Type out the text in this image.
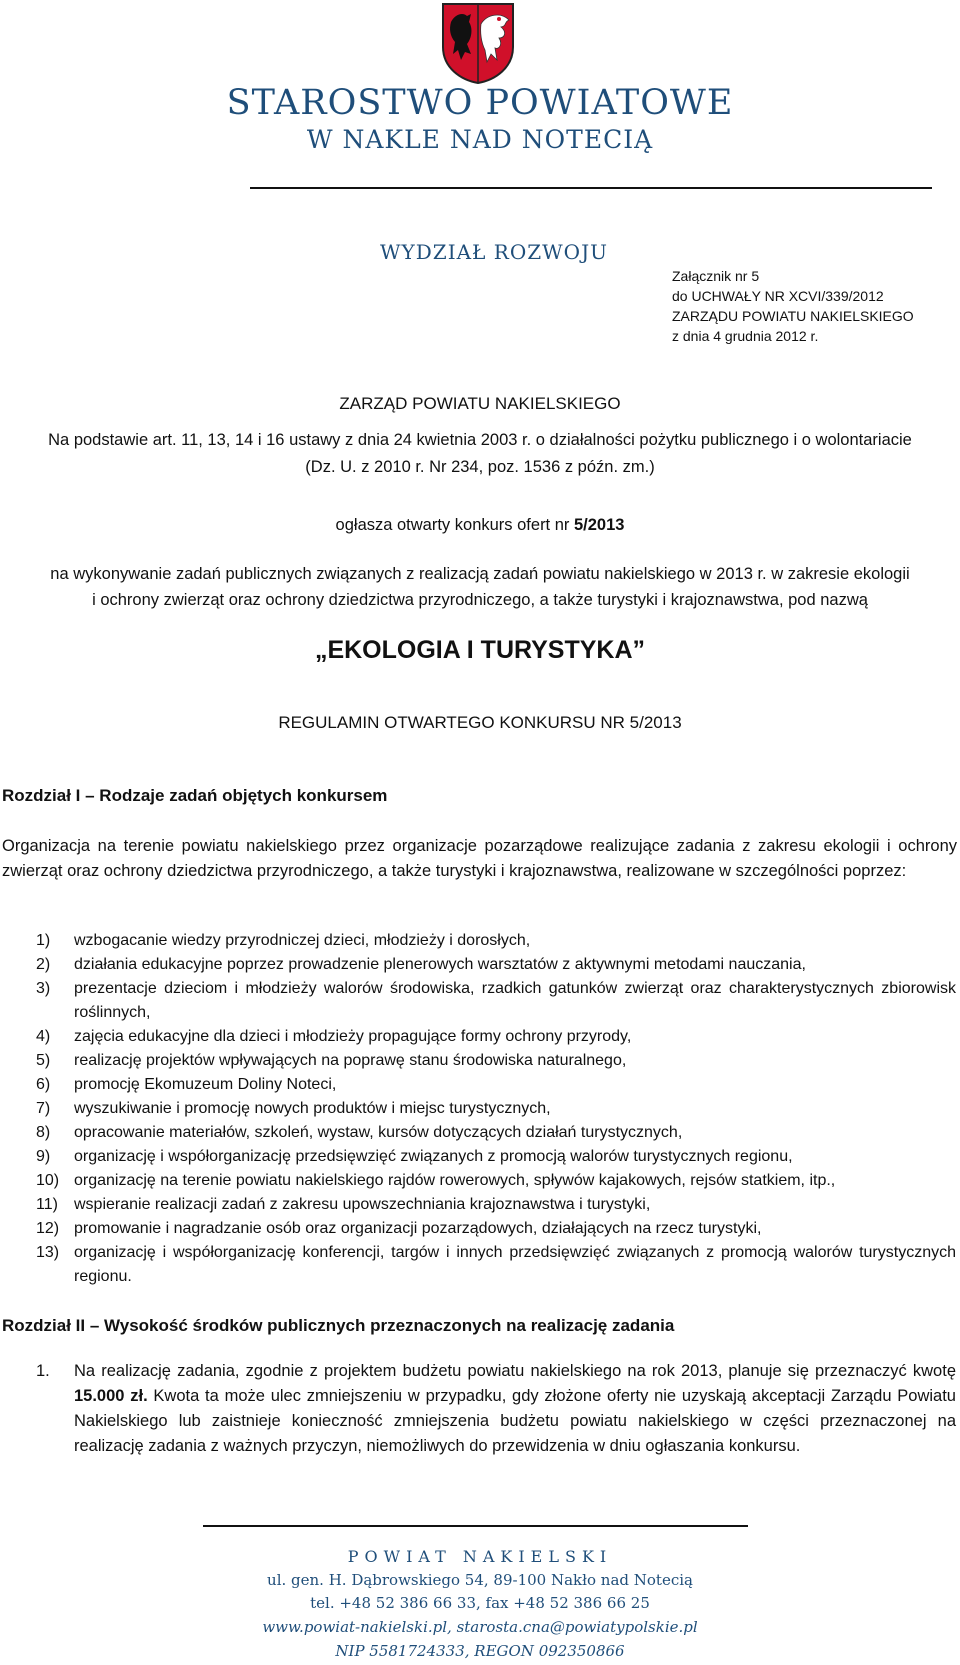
STAROSTWO POWIATOWE
W NAKLE NAD NOTECIĄ
WYDZIAŁ ROZWOJU
Załącznik nr 5
do UCHWAŁY NR XCVI/339/2012
ZARZĄDU POWIATU NAKIELSKIEGO
z dnia 4 grudnia 2012 r.
ZARZĄD POWIATU NAKIELSKIEGO
Na podstawie art. 11, 13, 14 i 16 ustawy z dnia 24 kwietnia 2003 r. o działalności pożytku publicznego i o wolontariacie
(Dz. U. z 2010 r. Nr 234, poz. 1536 z późn. zm.)
ogłasza otwarty konkurs ofert nr 5/2013
na wykonywanie zadań publicznych związanych z realizacją zadań powiatu nakielskiego w 2013 r. w zakresie ekologii
i ochrony zwierząt oraz ochrony dziedzictwa przyrodniczego, a także turystyki i krajoznawstwa, pod nazwą
„EKOLOGIA I TURYSTYKA”
REGULAMIN OTWARTEGO KONKURSU NR 5/2013
Rozdział I – Rodzaje zadań objętych konkursem
Organizacja na terenie powiatu nakielskiego przez organizacje pozarządowe realizujące zadania z zakresu ekologii i ochrony zwierząt oraz ochrony dziedzictwa przyrodniczego, a także turystyki i krajoznawstwa, realizowane w szczególności poprzez:
1)	wzbogacanie wiedzy przyrodniczej dzieci, młodzieży i dorosłych,
2)	działania edukacyjne poprzez prowadzenie plenerowych warsztatów z aktywnymi metodami nauczania,
3)	prezentacje dzieciom i młodzieży walorów środowiska, rzadkich gatunków zwierząt oraz charakterystycznych zbiorowisk roślinnych,
4)	zajęcia edukacyjne dla dzieci i młodzieży propagujące formy ochrony przyrody,
5)	realizację projektów wpływających na poprawę stanu środowiska naturalnego,
6)	promocję Ekomuzeum Doliny Noteci,
7)	wyszukiwanie i promocję nowych produktów i miejsc turystycznych,
8)	opracowanie materiałów, szkoleń, wystaw, kursów dotyczących działań turystycznych,
9)	organizację i współorganizację przedsięwzięć związanych z promocją walorów turystycznych regionu,
10) organizację na terenie powiatu nakielskiego rajdów rowerowych, spływów kajakowych, rejsów statkiem, itp.,
11)	wspieranie realizacji zadań z zakresu upowszechniania krajoznawstwa i turystyki,
12) promowanie i nagradzanie osób oraz organizacji pozarządowych, działających na rzecz turystyki,
13) organizację i współorganizację konferencji, targów i innych przedsięwzięć związanych z promocją walorów turystycznych regionu.
Rozdział II – Wysokość środków publicznych przeznaczonych na realizację zadania
1.	Na realizację zadania, zgodnie z projektem budżetu powiatu nakielskiego na rok 2013, planuje się przeznaczyć kwotę 15.000 zł. Kwota ta może ulec zmniejszeniu w przypadku, gdy złożone oferty nie uzyskają akceptacji Zarządu Powiatu Nakielskiego lub zaistnieje konieczność zmniejszenia budżetu powiatu nakielskiego w części przeznaczonej na realizację zadania z ważnych przyczyn, niemożliwych do przewidzenia w dniu ogłaszania konkursu.
POWIAT NAKIELSKI
ul. gen. H. Dąbrowskiego 54, 89-100 Nakło nad Notecią
tel. +48 52 386 66 33, fax +48 52 386 66 25
www.powiat-nakielski.pl, starosta.cna@powiatypolskie.pl
NIP 5581724333, REGON 092350866
